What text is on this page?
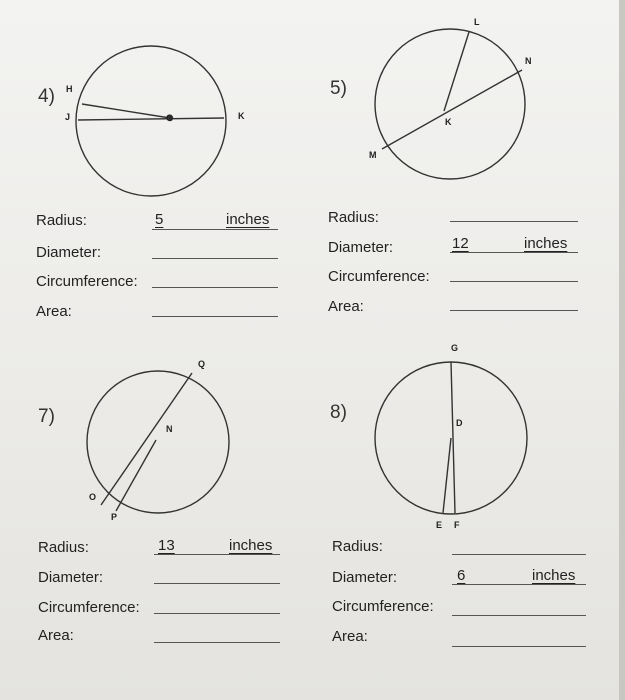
4)	5)
7)	8)
H
J	G	K
L
N
K
M
Q
N
O
P
G
D
E F
Radius:	5	inches
Diameter:
Circumference:
Area:
Radius:
Diameter:	12	inches
Circumference:
Area:
Radius:	13	inches
Diameter:
Circumference:
Area:
Radius:
Diameter:	6	inches
Circumference:
Area:
